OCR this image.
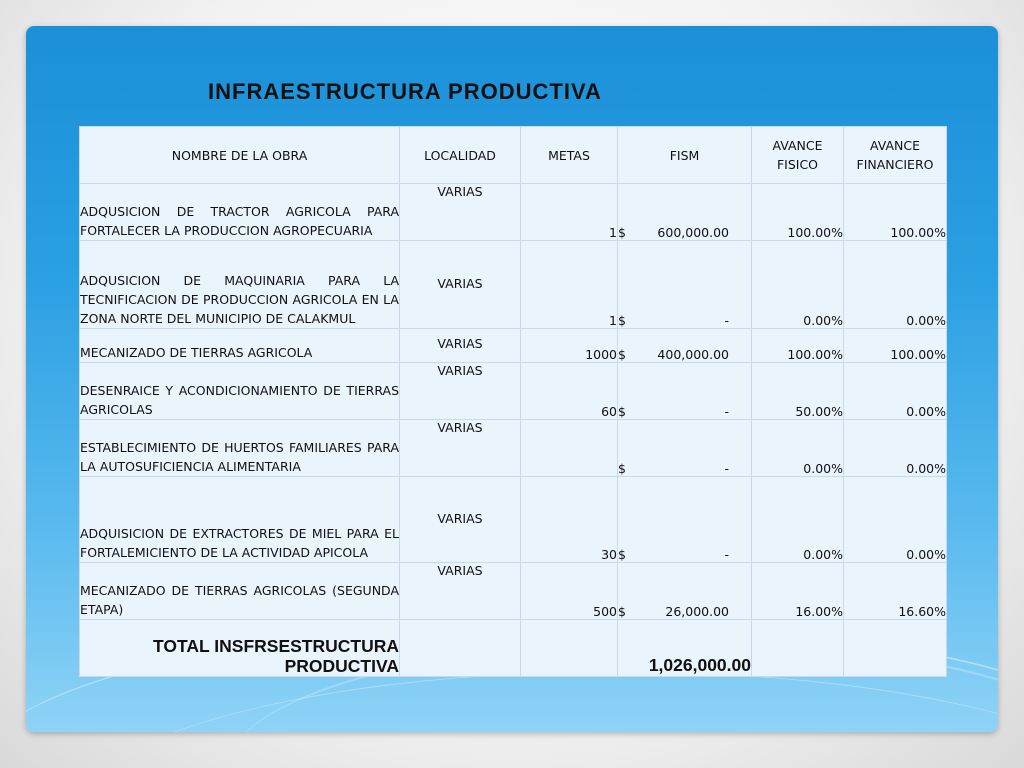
INFRAESTRUCTURA PRODUCTIVA
NOMBRE DE LA OBRA	LOCALIDAD	METAS	FISM	AVANCE FISICO	AVANCE FINANCIERO
ADQUSICION DE TRACTOR AGRICOLA PARA FORTALECER LA PRODUCCION AGROPECUARIA	VARIAS	1	$ 600,000.00	100.00%	100.00%
ADQUSICION DE MAQUINARIA PARA LA TECNIFICACION DE PRODUCCION AGRICOLA EN LA ZONA NORTE DEL MUNICIPIO DE CALAKMUL	VARIAS	1	$ -	0.00%	0.00%
MECANIZADO DE TIERRAS AGRICOLA	VARIAS	1000	$ 400,000.00	100.00%	100.00%
DESENRAICE Y ACONDICIONAMIENTO DE TIERRAS AGRICOLAS	VARIAS	60	$ -	50.00%	0.00%
ESTABLECIMIENTO DE HUERTOS FAMILIARES PARA LA AUTOSUFICIENCIA ALIMENTARIA	VARIAS		$ -	0.00%	0.00%
ADQUISICION DE EXTRACTORES DE MIEL PARA EL FORTALEMICIENTO DE LA ACTIVIDAD APICOLA	VARIAS	30	$ -	0.00%	0.00%
MECANIZADO DE TIERRAS AGRICOLAS (SEGUNDA ETAPA)	VARIAS	500	$ 26,000.00	16.00%	16.60%
TOTAL INSFRSESTRUCTURA PRODUCTIVA			1,026,000.00		
